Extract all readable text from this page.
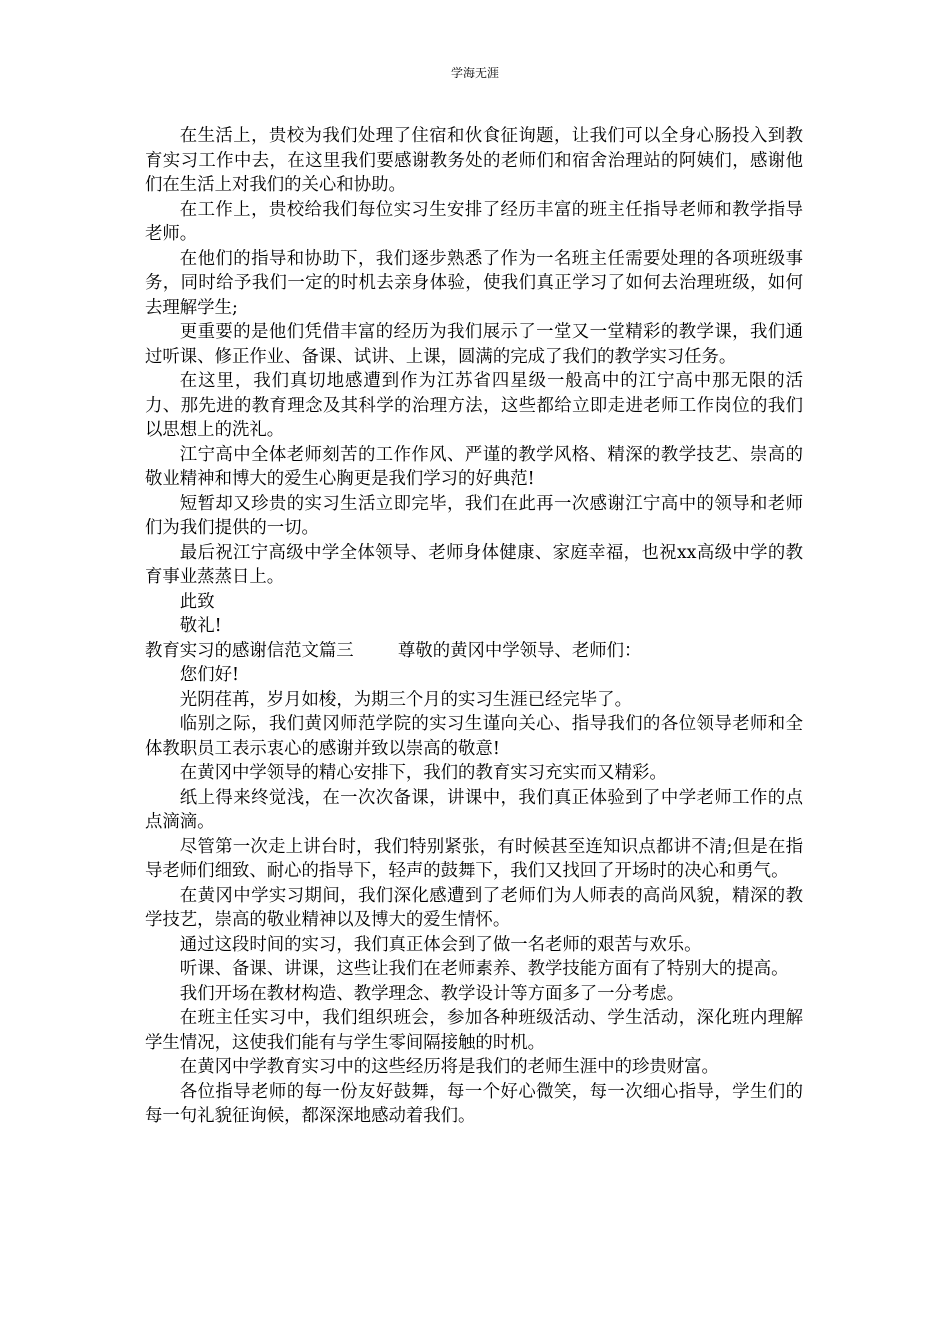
学海无涯

在生活上，贵校为我们处理了住宿和伙食征询题，让我们可以全身心肠投入到教育实习工作中去，在这里我们要感谢教务处的老师们和宿舍治理站的阿姨们，感谢他们在生活上对我们的关心和协助。

在工作上，贵校给我们每位实习生安排了经历丰富的班主任指导老师和教学指导老师。

在他们的指导和协助下，我们逐步熟悉了作为一名班主任需要处理的各项班级事务，同时给予我们一定的时机去亲身体验，使我们真正学习了如何去治理班级，如何去理解学生;

更重要的是他们凭借丰富的经历为我们展示了一堂又一堂精彩的教学课，我们通过听课、修正作业、备课、试讲、上课，圆满的完成了我们的教学实习任务。

在这里，我们真切地感遭到作为江苏省四星级一般高中的江宁高中那无限的活力、那先进的教育理念及其科学的治理方法，这些都给立即走进老师工作岗位的我们以思想上的洗礼。

江宁高中全体老师刻苦的工作作风、严谨的教学风格、精深的教学技艺、崇高的敬业精神和博大的爱生心胸更是我们学习的好典范!

短暂却又珍贵的实习生活立即完毕，我们在此再一次感谢江宁高中的领导和老师们为我们提供的一切。

最后祝江宁高级中学全体领导、老师身体健康、家庭幸福，也祝xx高级中学的教育事业蒸蒸日上。

此致

敬礼!

教育实习的感谢信范文篇三        尊敬的黄冈中学领导、老师们：

您们好!

光阴荏苒，岁月如梭，为期三个月的实习生涯已经完毕了。

临别之际，我们黄冈师范学院的实习生谨向关心、指导我们的各位领导老师和全体教职员工表示衷心的感谢并致以崇高的敬意!

在黄冈中学领导的精心安排下，我们的教育实习充实而又精彩。

纸上得来终觉浅，在一次次备课，讲课中，我们真正体验到了中学老师工作的点点滴滴。

尽管第一次走上讲台时，我们特别紧张，有时候甚至连知识点都讲不清;但是在指导老师们细致、耐心的指导下，轻声的鼓舞下，我们又找回了开场时的决心和勇气。

在黄冈中学实习期间，我们深化感遭到了老师们为人师表的高尚风貌，精深的教学技艺，崇高的敬业精神以及博大的爱生情怀。

通过这段时间的实习，我们真正体会到了做一名老师的艰苦与欢乐。

听课、备课、讲课，这些让我们在老师素养、教学技能方面有了特别大的提高。

我们开场在教材构造、教学理念、教学设计等方面多了一分考虑。

在班主任实习中，我们组织班会，参加各种班级活动、学生活动，深化班内理解学生情况，这使我们能有与学生零间隔接触的时机。

在黄冈中学教育实习中的这些经历将是我们的老师生涯中的珍贵财富。

各位指导老师的每一份友好鼓舞，每一个好心微笑，每一次细心指导，学生们的每一句礼貌征询候，都深深地感动着我们。
